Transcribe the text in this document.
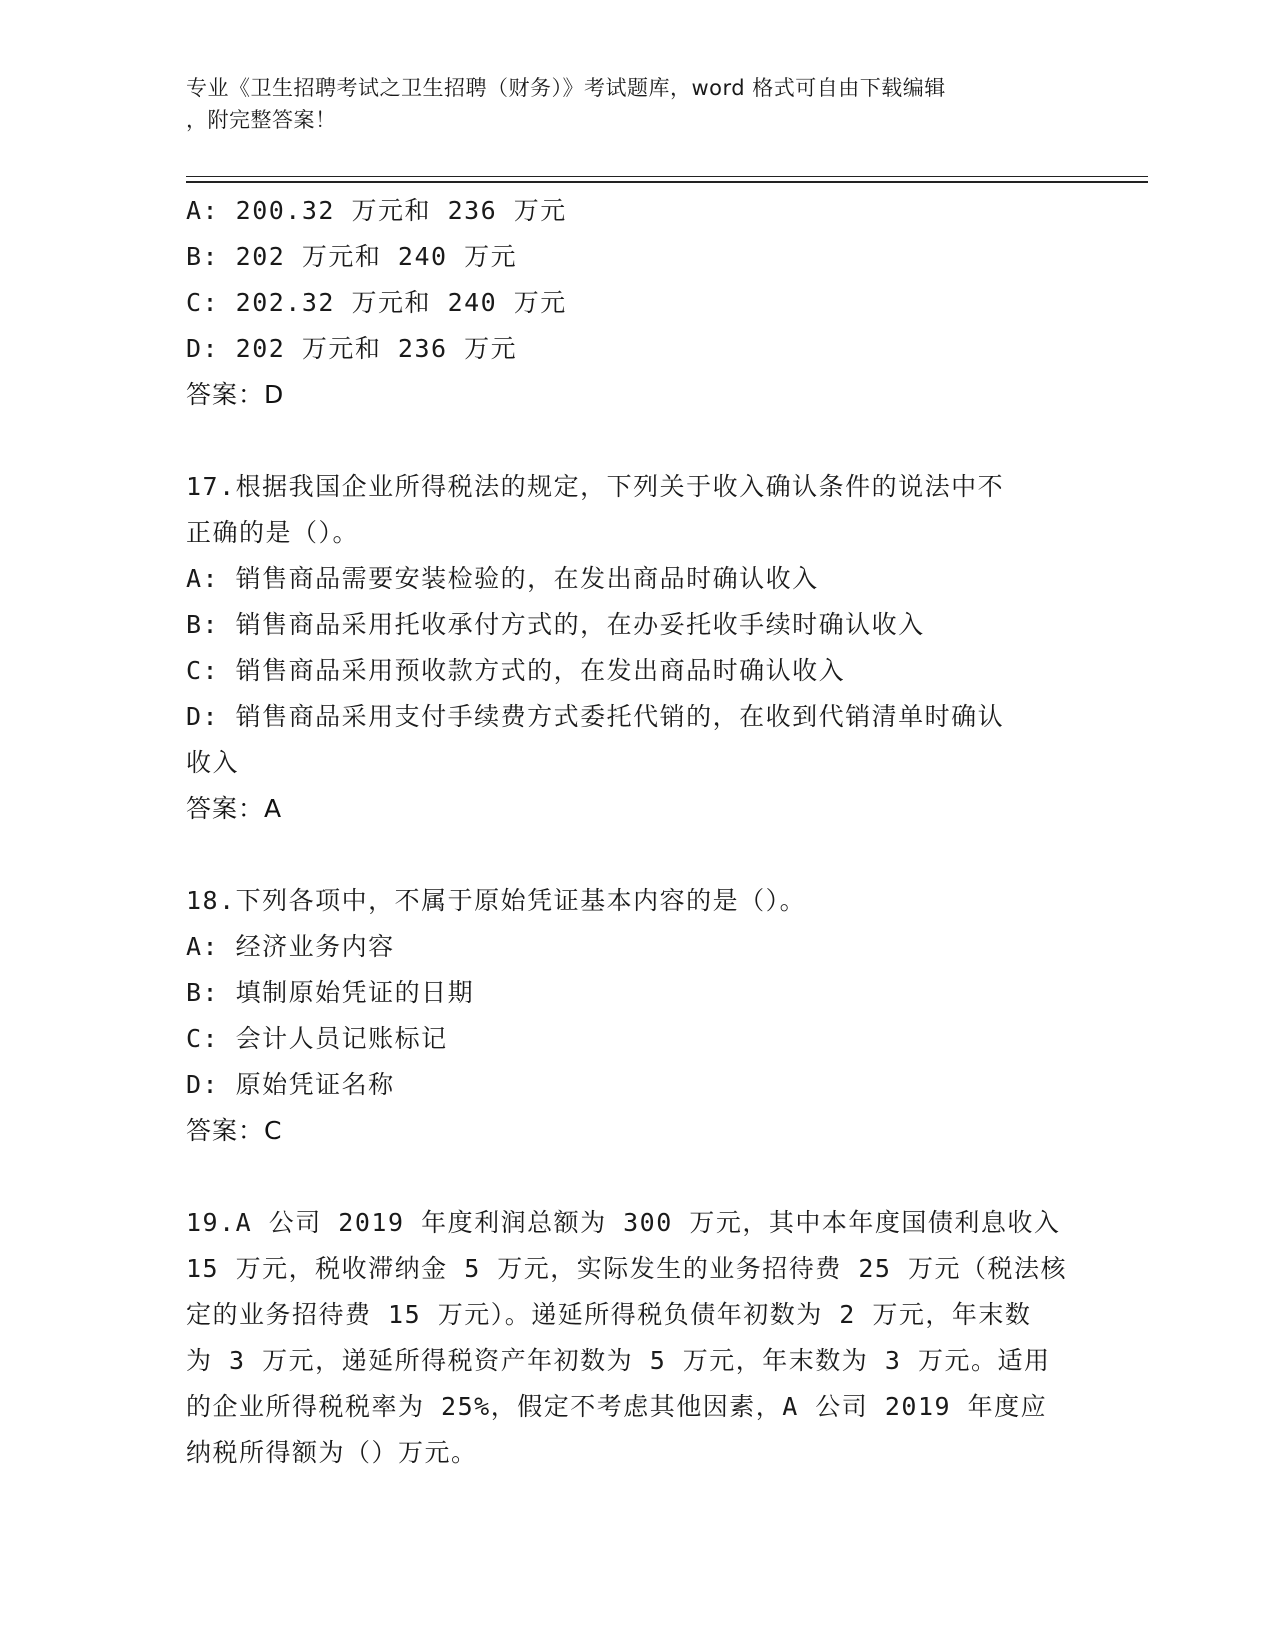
专业《卫生招聘考试之卫生招聘（财务）》考试题库，word 格式可自由下载编辑
，附完整答案！
A: 200.32 万元和 236 万元
B: 202 万元和 240 万元
C: 202.32 万元和 240 万元
D: 202 万元和 236 万元
答案：D
17.根据我国企业所得税法的规定，下列关于收入确认条件的说法中不
正确的是（）。
A: 销售商品需要安装检验的，在发出商品时确认收入
B: 销售商品采用托收承付方式的，在办妥托收手续时确认收入
C: 销售商品采用预收款方式的，在发出商品时确认收入
D: 销售商品采用支付手续费方式委托代销的，在收到代销清单时确认
收入
答案：A
18.下列各项中，不属于原始凭证基本内容的是（）。
A: 经济业务内容
B: 填制原始凭证的日期
C: 会计人员记账标记
D: 原始凭证名称
答案：C
19.A 公司 2019 年度利润总额为 300 万元，其中本年度国债利息收入
15 万元，税收滞纳金 5 万元，实际发生的业务招待费 25 万元（税法核
定的业务招待费 15 万元）。递延所得税负债年初数为 2 万元，年末数
为 3 万元，递延所得税资产年初数为 5 万元，年末数为 3 万元。适用
的企业所得税税率为 25%，假定不考虑其他因素，A 公司 2019 年度应
纳税所得额为（）万元。
